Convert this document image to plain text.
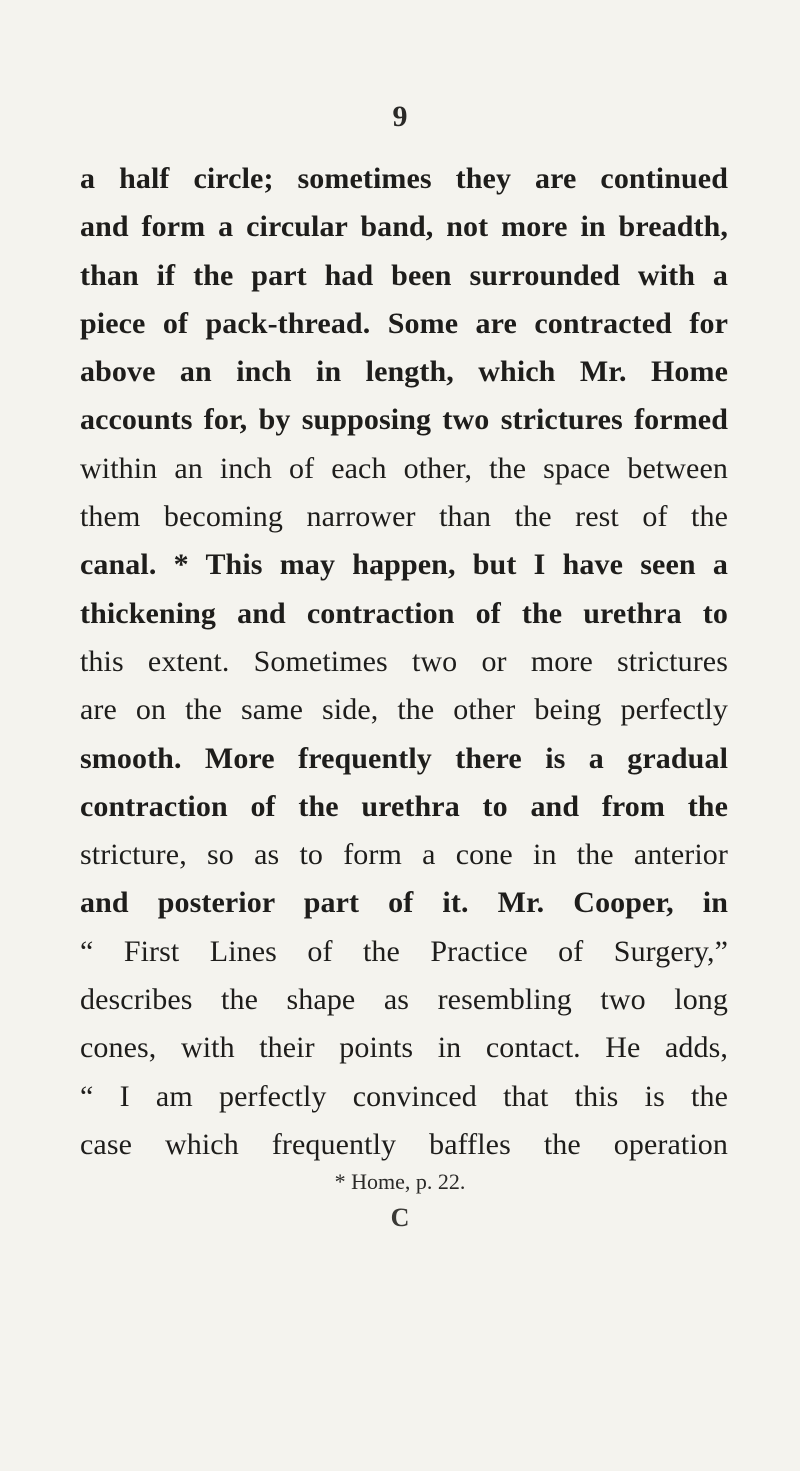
9
a half circle; sometimes they are continued
and form a circular band, not more in breadth,
than if the part had been surrounded with a
piece of pack-thread. Some are contracted for
above an inch in length, which Mr. Home
accounts for, by supposing two strictures formed
within an inch of each other, the space between
them becoming narrower than the rest of the
canal. * This may happen, but I have seen a
thickening and contraction of the urethra to
this extent. Sometimes two or more strictures
are on the same side, the other being perfectly
smooth. More frequently there is a gradual
contraction of the urethra to and from the
stricture, so as to form a cone in the anterior
and posterior part of it. Mr. Cooper, in
“ First Lines of the Practice of Surgery,”
describes the shape as resembling two long
cones, with their points in contact. He adds,
“ I am perfectly convinced that this is the
case which frequently baffles the operation
* Home, p. 22.
C
